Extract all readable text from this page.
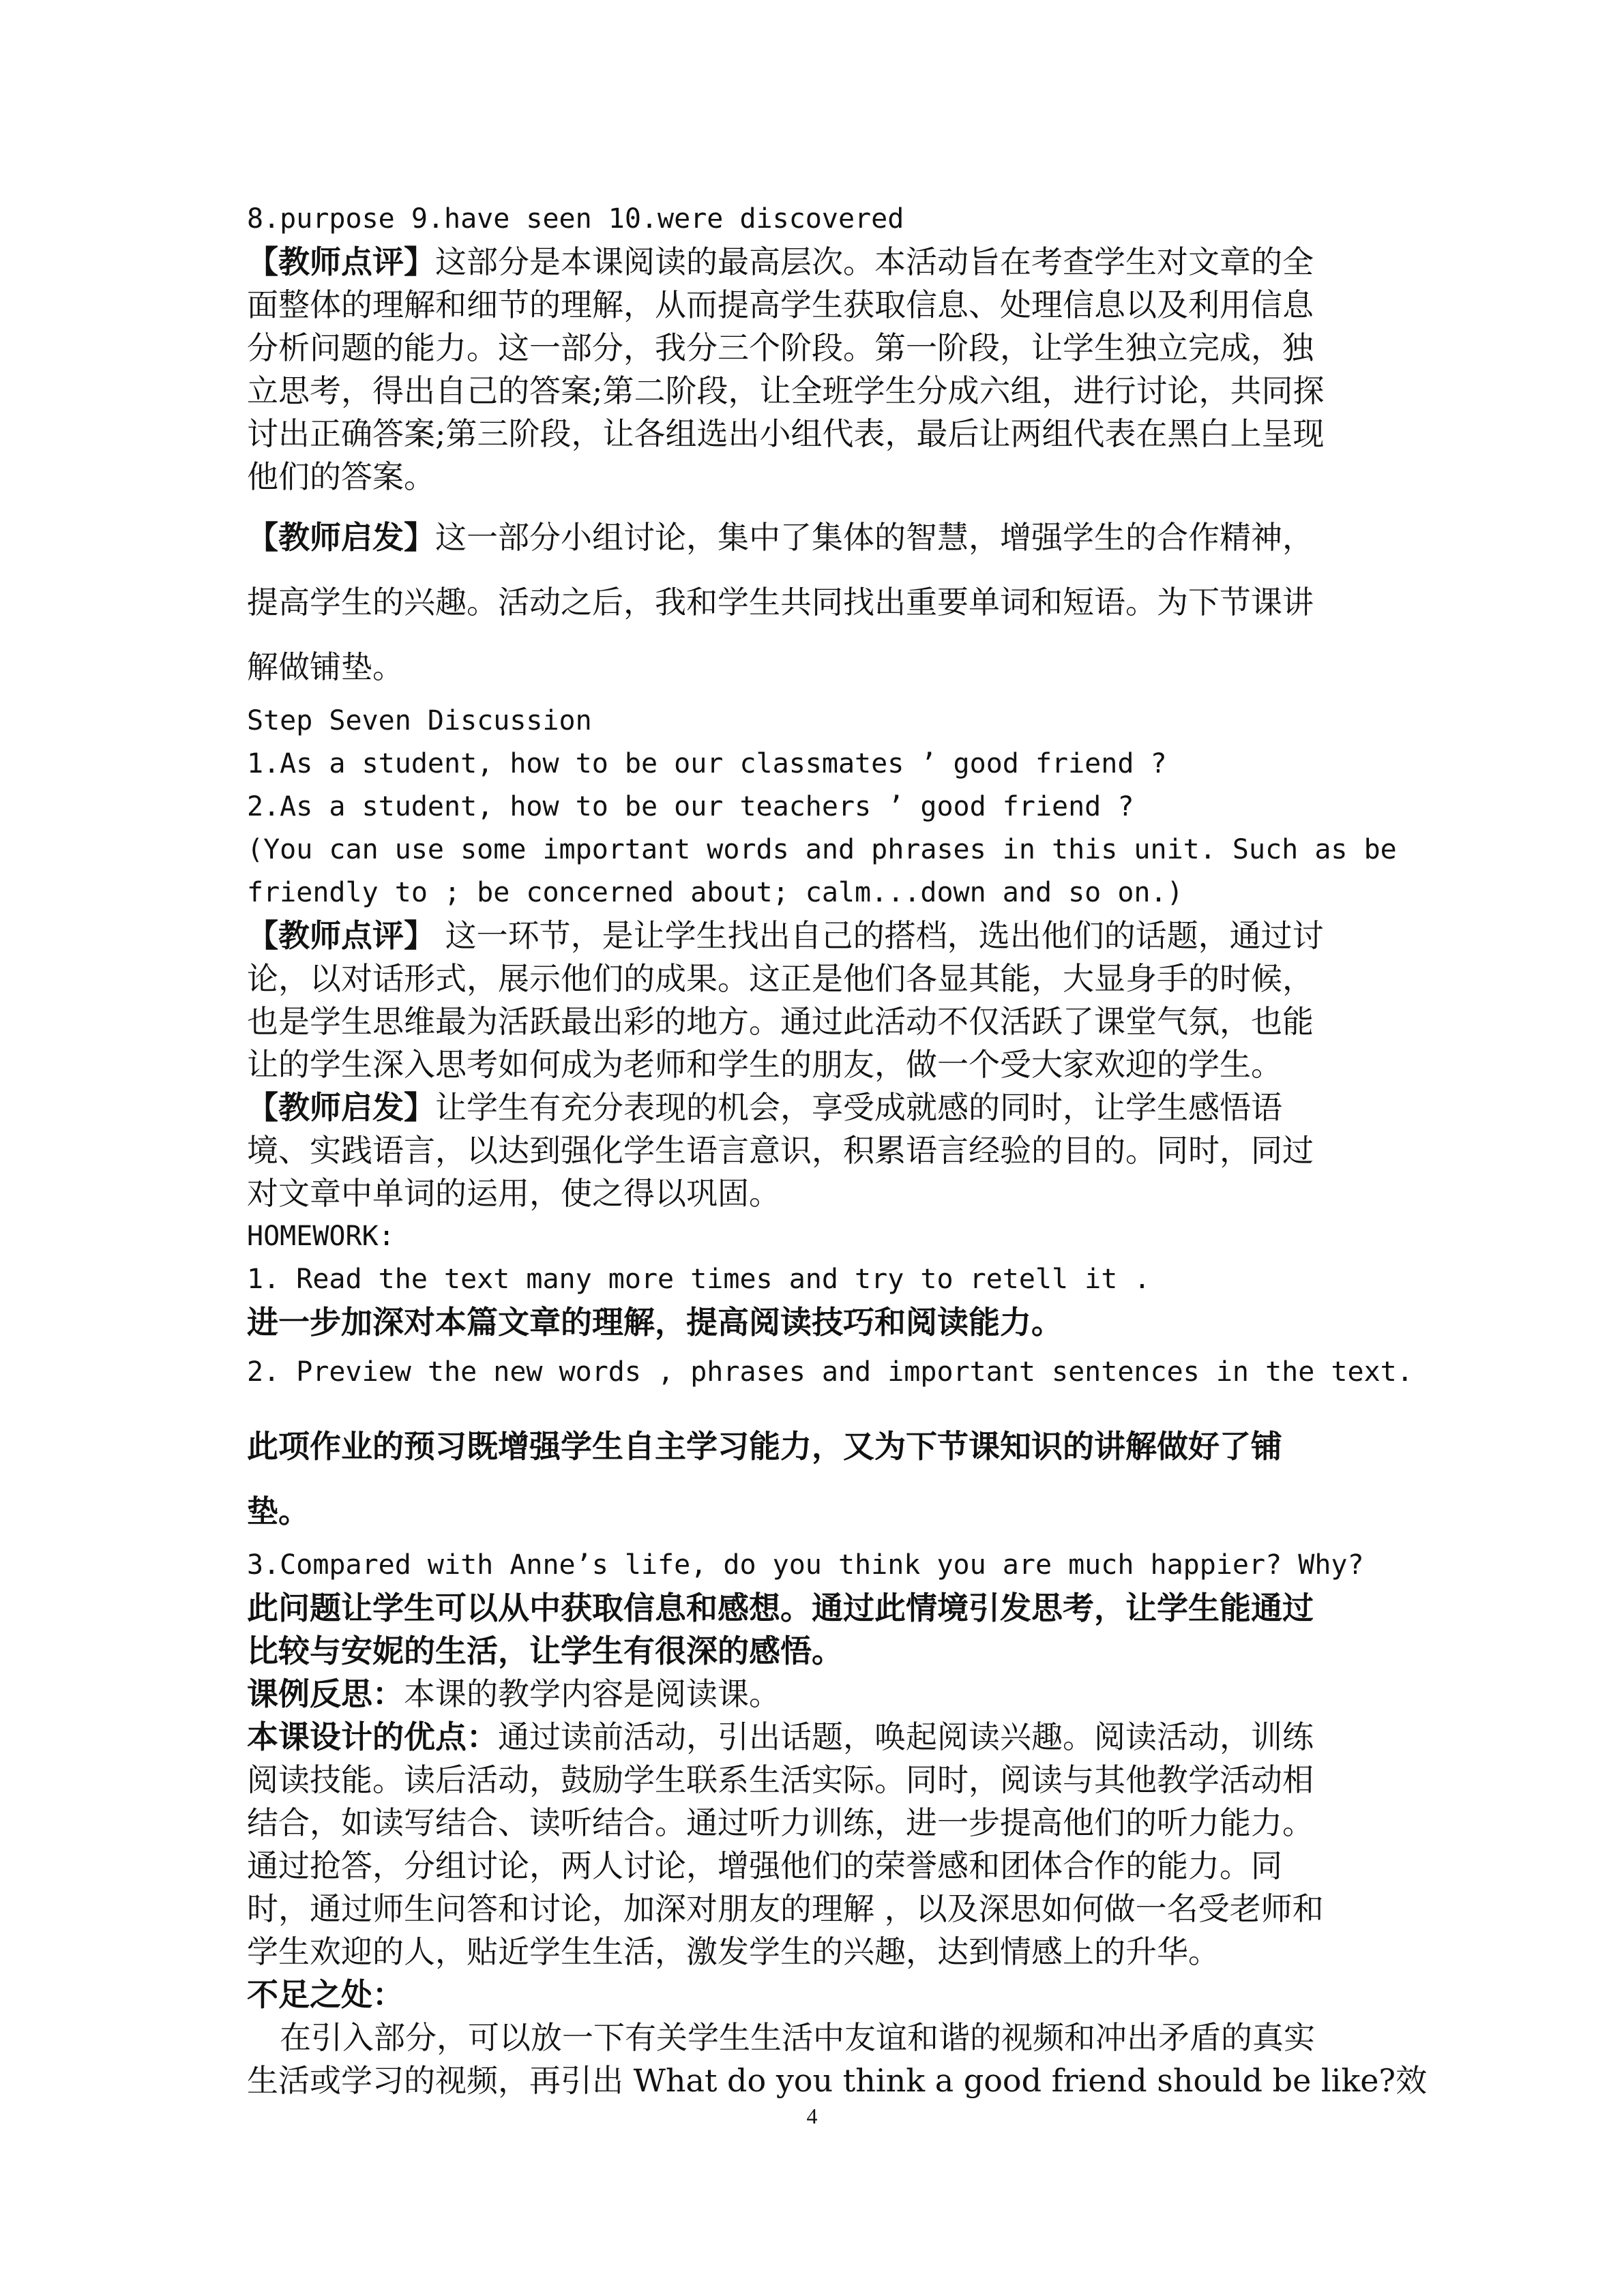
8.purpose 9.have seen 10.were discovered

【教师点评】这部分是本课阅读的最高层次。本活动旨在考查学生对文章的全

面整体的理解和细节的理解，从而提高学生获取信息、处理信息以及利用信息

分析问题的能力。这一部分，我分三个阶段。第一阶段，让学生独立完成，独

立思考，得出自己的答案;第二阶段，让全班学生分成六组，进行讨论，共同探

讨出正确答案;第三阶段，让各组选出小组代表，最后让两组代表在黑白上呈现

他们的答案。

【教师启发】这一部分小组讨论，集中了集体的智慧，增强学生的合作精神，

提高学生的兴趣。活动之后，我和学生共同找出重要单词和短语。为下节课讲

解做铺垫。

Step Seven Discussion

1.As a student, how to be our classmates ’ good friend ?

2.As a student, how to be our teachers ’ good friend ?

(You can use some important words and phrases in this unit. Such as be

friendly to ; be concerned about; calm...down and so on.)

【教师点评】 这一环节，是让学生找出自己的搭档，选出他们的话题，通过讨

论，以对话形式，展示他们的成果。这正是他们各显其能，大显身手的时候，

也是学生思维最为活跃最出彩的地方。通过此活动不仅活跃了课堂气氛，也能

让的学生深入思考如何成为老师和学生的朋友，做一个受大家欢迎的学生。

【教师启发】让学生有充分表现的机会，享受成就感的同时，让学生感悟语

境、实践语言，以达到强化学生语言意识，积累语言经验的目的。同时，同过

对文章中单词的运用，使之得以巩固。

HOMEWORK:

1. Read the text many more times and try to retell it .

进一步加深对本篇文章的理解，提高阅读技巧和阅读能力。

2. Preview the new words , phrases and important sentences in the text.

此项作业的预习既增强学生自主学习能力，又为下节课知识的讲解做好了铺

垫。

3.Compared with Anne’s life, do you think you are much happier? Why?

此问题让学生可以从中获取信息和感想。通过此情境引发思考，让学生能通过

比较与安妮的生活，让学生有很深的感悟。

课例反思：本课的教学内容是阅读课。

本课设计的优点：通过读前活动，引出话题，唤起阅读兴趣。阅读活动，训练

阅读技能。读后活动，鼓励学生联系生活实际。同时，阅读与其他教学活动相

结合，如读写结合、读听结合。通过听力训练，进一步提高他们的听力能力。

通过抢答，分组讨论，两人讨论，增强他们的荣誉感和团体合作的能力。同

时，通过师生问答和讨论，加深对朋友的理解 ，以及深思如何做一名受老师和

学生欢迎的人，贴近学生生活，激发学生的兴趣，达到情感上的升华。

不足之处：

在引入部分，可以放一下有关学生生活中友谊和谐的视频和冲出矛盾的真实

生活或学习的视频，再引出 What do you think a good friend should be like?效

4
